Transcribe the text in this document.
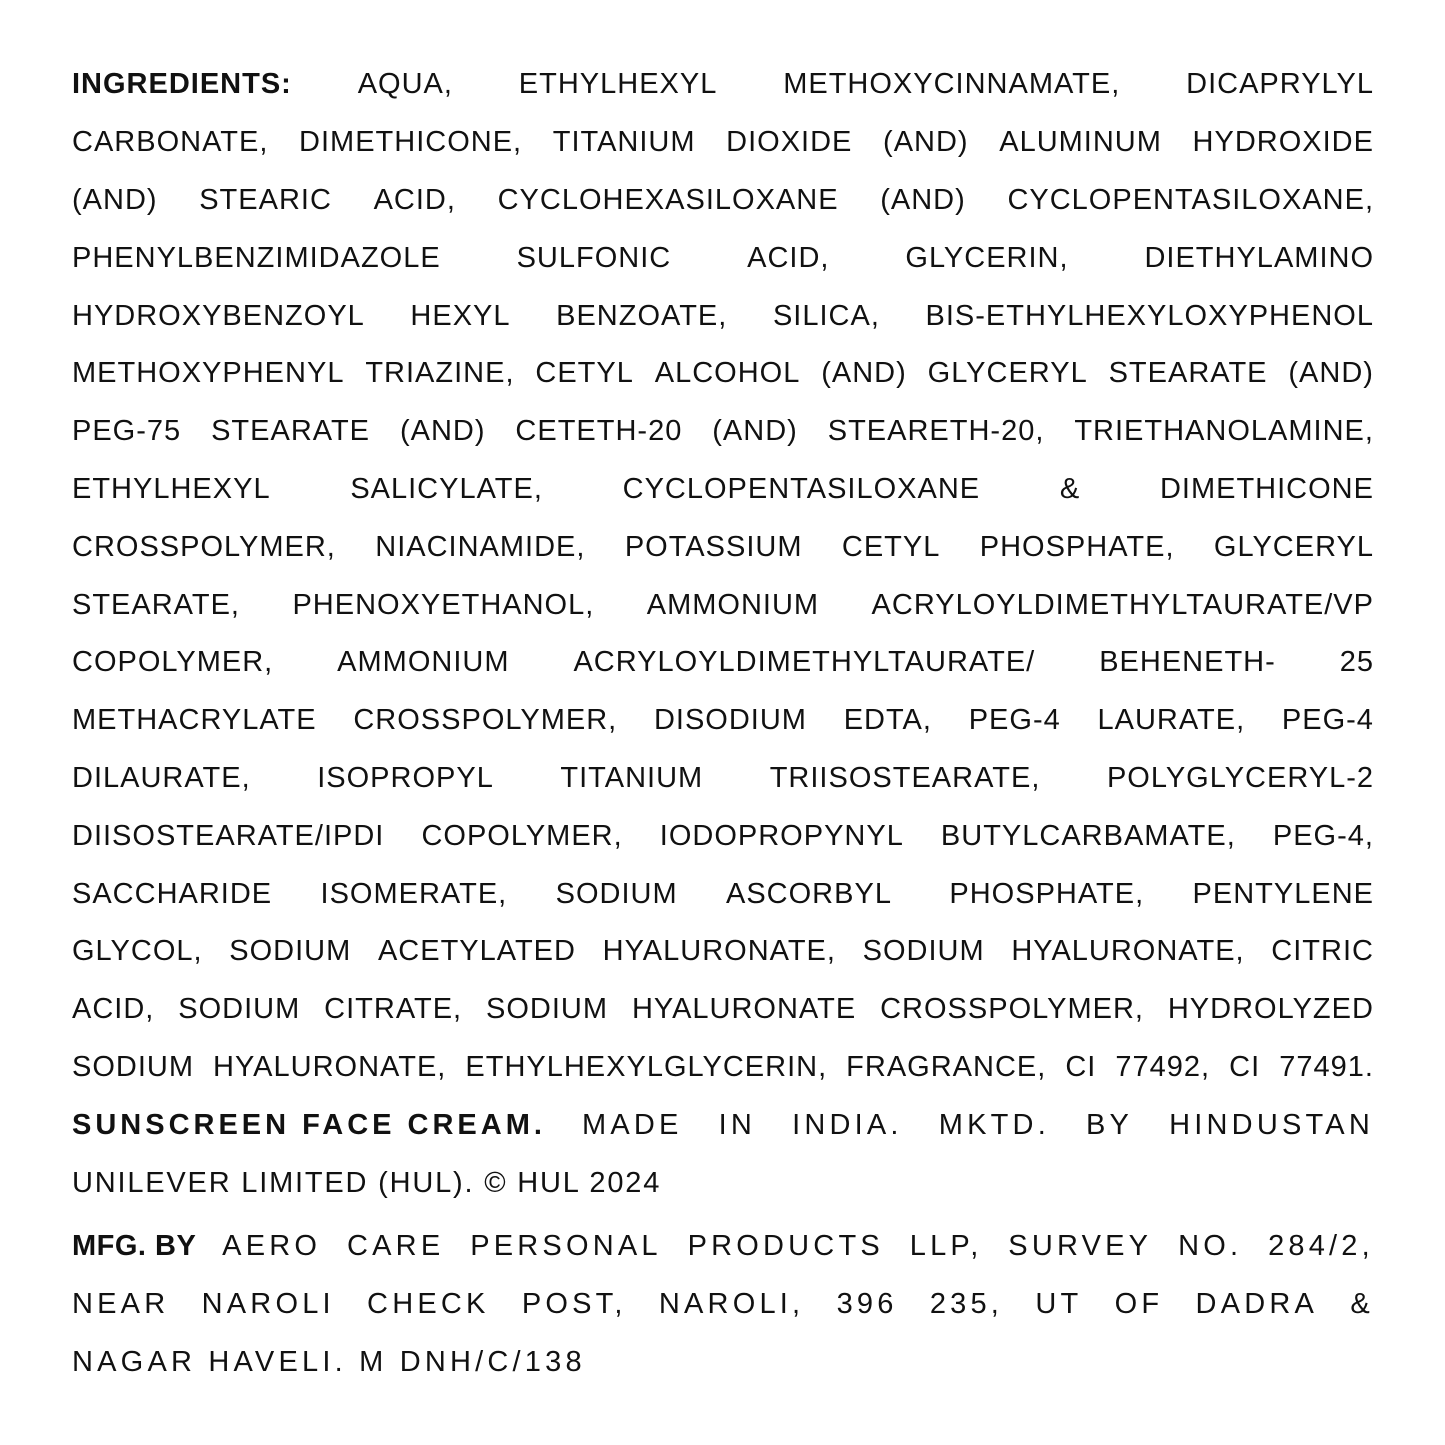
INGREDIENTS: AQUA, ETHYLHEXYL METHOXYCINNAMATE, DICAPRYLYL
CARBONATE, DIMETHICONE, TITANIUM DIOXIDE (AND) ALUMINUM HYDROXIDE
(AND) STEARIC ACID, CYCLOHEXASILOXANE (AND) CYCLOPENTASILOXANE,
PHENYLBENZIMIDAZOLE	SULFONIC	ACID,	GLYCERIN,	DIETHYLAMINO
HYDROXYBENZOYL HEXYL BENZOATE, SILICA, BIS-ETHYLHEXYLOXYPHENOL
METHOXYPHENYL TRIAZINE, CETYL ALCOHOL (AND) GLYCERYL STEARATE (AND)
PEG-75 STEARATE (AND) CETETH-20 (AND) STEARETH-20, TRIETHANOLAMINE,
ETHYLHEXYL	SALICYLATE,	CYCLOPENTASILOXANE	&	DIMETHICONE
CROSSPOLYMER, NIACINAMIDE, POTASSIUM CETYL PHOSPHATE, GLYCERYL
STEARATE, PHENOXYETHANOL, AMMONIUM ACRYLOYLDIMETHYLTAURATE/VP
COPOLYMER, AMMONIUM ACRYLOYLDIMETHYLTAURATE/ BEHENETH- 25
METHACRYLATE CROSSPOLYMER, DISODIUM EDTA, PEG-4 LAURATE, PEG-4
DILAURATE, ISOPROPYL TITANIUM TRIISOSTEARATE, POLYGLYCERYL-2
DIISOSTEARATE/IPDI COPOLYMER, IODOPROPYNYL BUTYLCARBAMATE, PEG-4,
SACCHARIDE ISOMERATE, SODIUM ASCORBYL PHOSPHATE, PENTYLENE
GLYCOL, SODIUM ACETYLATED HYALURONATE, SODIUM HYALURONATE, CITRIC
ACID, SODIUM CITRATE, SODIUM HYALURONATE CROSSPOLYMER, HYDROLYZED
SODIUM HYALURONATE, ETHYLHEXYLGLYCERIN, FRAGRANCE, CI 77492, CI 77491.
SUNSCREEN FACE CREAM. MADE IN INDIA. MKTD. BY HINDUSTAN
UNILEVER LIMITED (HUL). © HUL 2024
MFG. BY AERO CARE PERSONAL PRODUCTS LLP, SURVEY NO. 284/2,
NEAR NAROLI CHECK POST, NAROLI, 396 235, UT OF DADRA &
NAGAR HAVELI. M DNH/C/138
